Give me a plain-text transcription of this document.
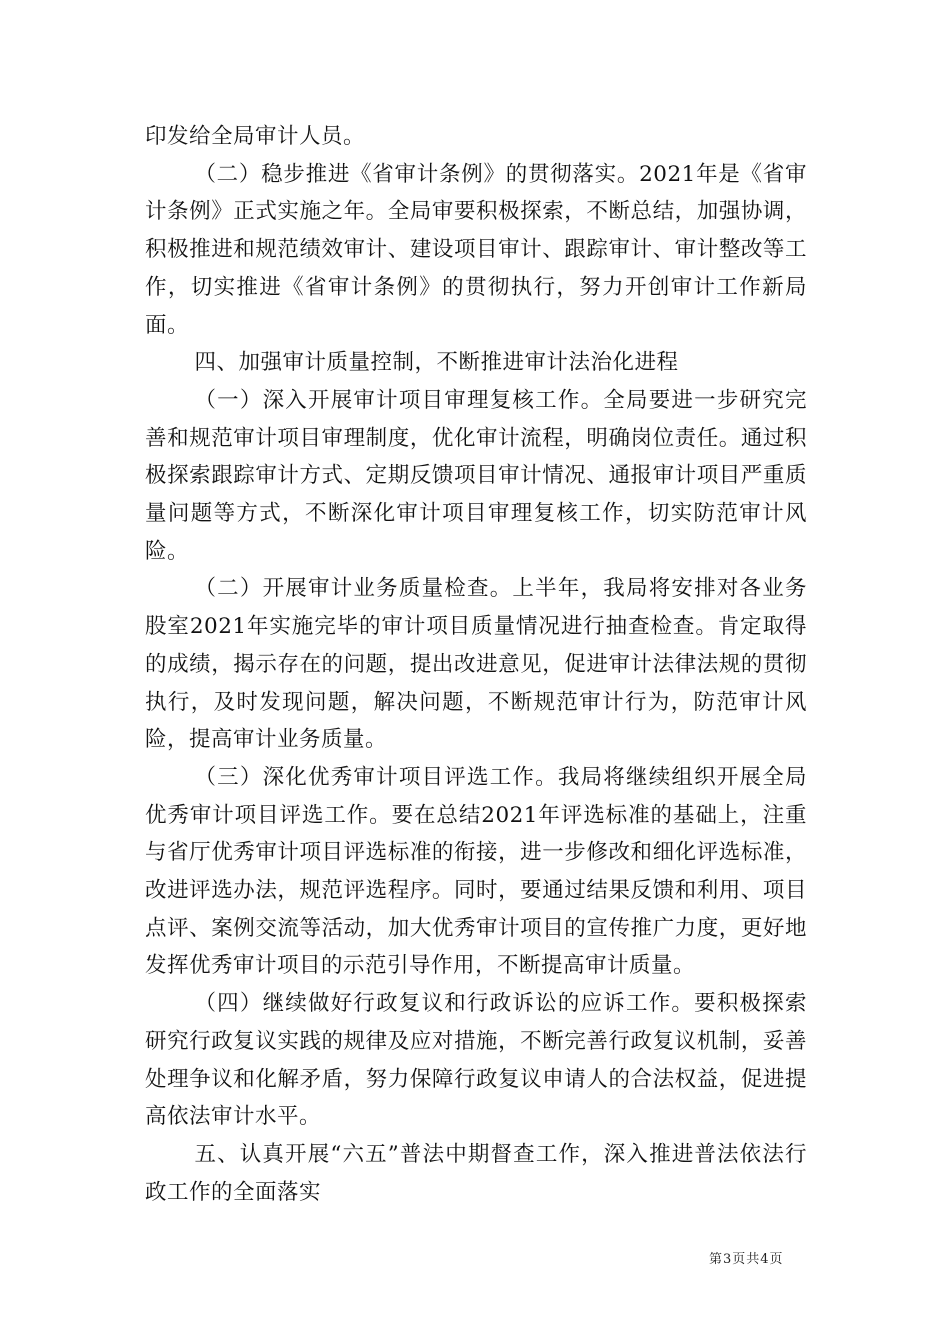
印发给全局审计人员。

（二）稳步推进《省审计条例》的贯彻落实。2021年是《省审计条例》正式实施之年。全局审要积极探索，不断总结，加强协调，积极推进和规范绩效审计、建设项目审计、跟踪审计、审计整改等工作，切实推进《省审计条例》的贯彻执行，努力开创审计工作新局面。

四、加强审计质量控制，不断推进审计法治化进程

（一）深入开展审计项目审理复核工作。全局要进一步研究完善和规范审计项目审理制度，优化审计流程，明确岗位责任。通过积极探索跟踪审计方式、定期反馈项目审计情况、通报审计项目严重质量问题等方式，不断深化审计项目审理复核工作，切实防范审计风险。

（二）开展审计业务质量检查。上半年，我局将安排对各业务股室2021年实施完毕的审计项目质量情况进行抽查检查。肯定取得的成绩，揭示存在的问题，提出改进意见，促进审计法律法规的贯彻执行，及时发现问题，解决问题，不断规范审计行为，防范审计风险，提高审计业务质量。

（三）深化优秀审计项目评选工作。我局将继续组织开展全局优秀审计项目评选工作。要在总结2021年评选标准的基础上，注重与省厅优秀审计项目评选标准的衔接，进一步修改和细化评选标准，改进评选办法，规范评选程序。同时，要通过结果反馈和利用、项目点评、案例交流等活动，加大优秀审计项目的宣传推广力度，更好地发挥优秀审计项目的示范引导作用，不断提高审计质量。

（四）继续做好行政复议和行政诉讼的应诉工作。要积极探索研究行政复议实践的规律及应对措施，不断完善行政复议机制，妥善处理争议和化解矛盾，努力保障行政复议申请人的合法权益，促进提高依法审计水平。

五、认真开展“六五”普法中期督查工作，深入推进普法依法行政工作的全面落实

第3页共4页
